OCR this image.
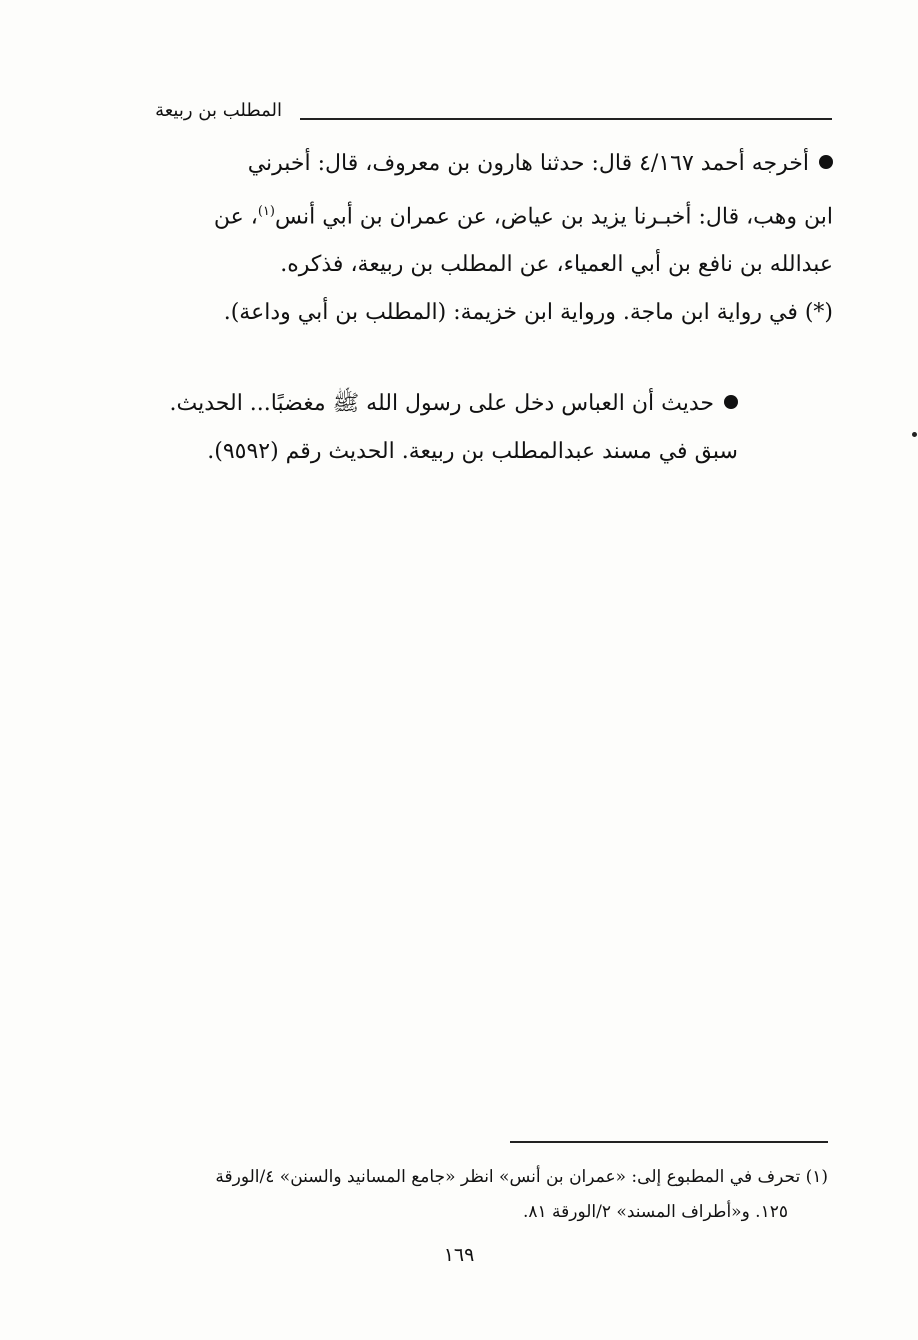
المطلب بن ربيعة
أخرجه أحمد ٤/١٦٧ قال: حدثنا هارون بن معروف، قال: أخبرني
ابن وهب، قال: أخبـرنا يزيد بن عياض، عن عمران بن أبي أنس$^{(١)}$، عن
عبدالله بن نافع بن أبي العمياء، عن المطلب بن ربيعة، فذكره.
(*) في رواية ابن ماجة. ورواية ابن خزيمة: (المطلب بن أبي وداعة).
حديث أن العباس دخل على رسول الله ﷺ مغضبًا... الحديث.
سبق في مسند عبدالمطلب بن ربيعة. الحديث رقم (٩٥٩٢).
(١) تحرف في المطبوع إلى: «عمران بن أنس» انظر «جامع المسانيد والسنن» ٤/الورقة
١٢٥. و«أطراف المسند» ٢/الورقة ٨١.
١٦٩
